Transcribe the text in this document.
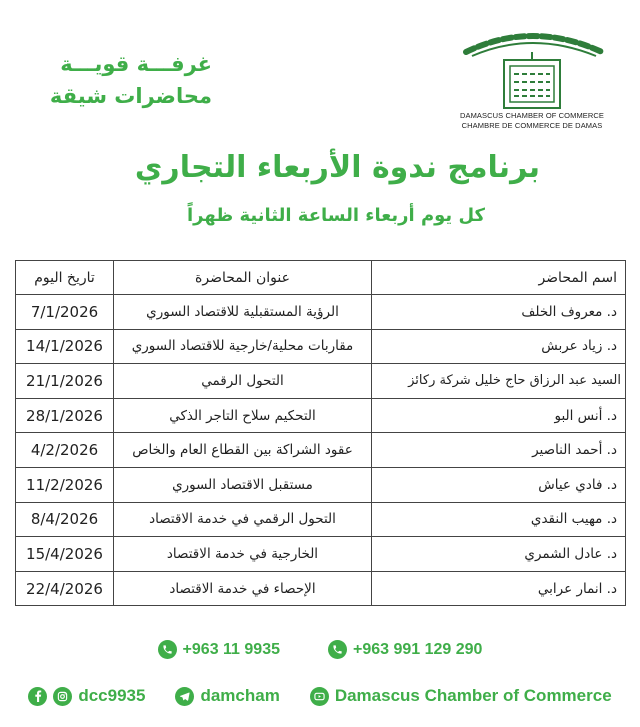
غرفـــة قويـــة
محاضرات شيقة
DAMASCUS CHAMBER OF COMMERCE
CHAMBRE DE COMMERCE DE DAMAS
برنامج ندوة الأربعاء التجاري
كل يوم أربعاء الساعة الثانية ظهراً
اسم المحاضر	عنوان المحاضرة	تاريخ اليوم
د. معروف الخلف	الرؤية المستقبلية للاقتصاد السوري	7/1/2026
د. زياد عربش	مقاربات محلية/خارجية للاقتصاد السوري	14/1/2026
السيد عبد الرزاق حاج خليل شركة ركائز	التحول الرقمي	21/1/2026
د. أنس البو	التحكيم سلاح التاجر الذكي	28/1/2026
د. أحمد الناصير	عقود الشراكة بين القطاع العام والخاص	4/2/2026
د. فادي عياش	مستقبل الاقتصاد السوري	11/2/2026
د. مهيب النقدي	التحول الرقمي في خدمة الاقتصاد	8/4/2026
د. عادل الشمري	الخارجية في خدمة الاقتصاد	15/4/2026
د. انمار عرابي	الإحصاء في خدمة الاقتصاد	22/4/2026
+963 11 9935	+963 991 129 290
dcc9935	damcham	Damascus Chamber of Commerce
